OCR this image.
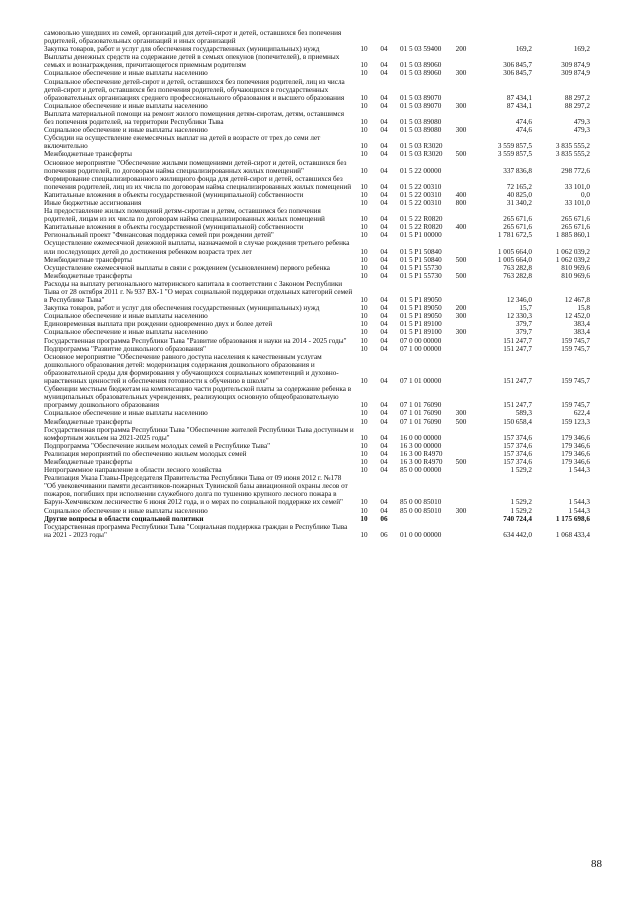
самовольно ушедших из семей, организаций для детей-сирот и детей, оставшихся без попечения родителей, образовательных организаций и иных организаций
Закупка товаров, работ и услуг для обеспечения государственных (муниципальных) нужд	10	04	01 5 03 59400	200	169,2	169,2
Выплаты денежных средств на содержание детей в семьях опекунов (попечителей), в приемных семьях и вознаграждения, причитающегося приемным родителям	10	04	01 5 03 89060	306 845,7	309 874,9
Социальное обеспечение и иные выплаты населению	10	04	01 5 03 89060	300	306 845,7	309 874,9
Социальное обеспечение детей-сирот и детей, оставшихся без попечения родителей, лиц из числа детей-сирот и детей, оставшихся без попечения родителей, обучающихся в государственных образовательных организациях среднего профессионального образования и высшего образования	10	04	01 5 03 89070	87 434,1	88 297,2
Социальное обеспечение и иные выплаты населению	10	04	01 5 03 89070	300	87 434,1	88 297,2
Выплата материальной помощи на ремонт жилого помещения детям-сиротам, детям, оставшимся без попечения родителей, на территории Республики Тыва	10	04	01 5 03 89080	474,6	479,3
Социальное обеспечение и иные выплаты населению	10	04	01 5 03 89080	300	474,6	479,3
Субсидии на осуществление ежемесячных выплат на детей в возрасте от трех до семи лет включительно	10	04	01 5 03 R3020	3 559 857,5	3 835 555,2
Межбюджетные трансферты	10	04	01 5 03 R3020	500	3 559 857,5	3 835 555,2
Основное мероприятие "Обеспечение жилыми помещениями детей-сирот и детей, оставшихся без попечения родителей, по договорам найма специализированных жилых помещений"	10	04	01 5 22 00000	337 836,8	298 772,6
Формирование специализированного жилищного фонда для детей-сирот и детей, оставшихся без попечения родителей, лиц из их числа по договорам найма специализированных жилых помещений	10	04	01 5 22 00310	72 165,2	33 101,0
Капитальные вложения в объекты государственной (муниципальной) собственности	10	04	01 5 22 00310	400	40 825,0	0,0
Иные бюджетные ассигнования	10	04	01 5 22 00310	800	31 340,2	33 101,0
На предоставление жилых помещений детям-сиротам и детям, оставшимся без попечения родителей, лицам из их числа по договорам найма специализированных жилых помещений	10	04	01 5 22 R0820	265 671,6	265 671,6
Капитальные вложения в объекты государственной (муниципальной) собственности	10	04	01 5 22 R0820	400	265 671,6	265 671,6
Региональный проект "Финансовая поддержка семей при рождении детей"	10	04	01 5 P1 00000	1 781 672,5	1 885 860,1
Осуществление ежемесячной денежной выплаты, назначаемой в случае рождения третьего ребенка или последующих детей до достижения ребенком возраста трех лет	10	04	01 5 P1 50840	1 005 664,0	1 062 039,2
Межбюджетные трансферты	10	04	01 5 P1 50840	500	1 005 664,0	1 062 039,2
Осуществление ежемесячной выплаты в связи с рождением (усыновлением) первого ребенка	10	04	01 5 P1 55730	763 282,8	810 969,6
Межбюджетные трансферты	10	04	01 5 P1 55730	500	763 282,8	810 969,6
Расходы на выплату регионального материнского капитала в соответствии с Законом Республики Тыва от 28 октября 2011 г. № 937 ВХ-1 "О мерах социальной поддержки отдельных категорий семей в Республике Тыва"	10	04	01 5 P1 89050	12 346,0	12 467,8
Закупка товаров, работ и услуг для обеспечения государственных (муниципальных) нужд	10	04	01 5 P1 89050	200	15,7	15,8
Социальное обеспечение и иные выплаты населению	10	04	01 5 P1 89050	300	12 330,3	12 452,0
Единовременная выплата при рождении одновременно двух и более детей	10	04	01 5 P1 89100	379,7	383,4
Социальное обеспечение и иные выплаты населению	10	04	01 5 P1 89100	300	379,7	383,4
Государственная программа Республики Тыва "Развитие образования и науки на 2014 - 2025 годы"	10	04	07 0 00 00000	151 247,7	159 745,7
Подпрограмма "Развитие дошкольного образования"	10	04	07 1 00 00000	151 247,7	159 745,7
Основное мероприятие "Обеспечение равного доступа населения к качественным услугам дошкольного образования детей: модернизация содержания дошкольного образования и образовательной среды для формирования у обучающихся социальных компетенций и духовно-нравственных ценностей и обеспечения готовности к обучению в школе"	10	04	07 1 01 00000	151 247,7	159 745,7
Субвенции местным бюджетам на компенсацию части родительской платы за содержание ребенка в муниципальных образовательных учреждениях, реализующих основную общеобразовательную программу дошкольного образования	10	04	07 1 01 76090	151 247,7	159 745,7
Социальное обеспечение и иные выплаты населению	10	04	07 1 01 76090	300	589,3	622,4
Межбюджетные трансферты	10	04	07 1 01 76090	500	150 658,4	159 123,3
Государственная программа Республики Тыва "Обеспечение жителей Республики Тыва доступным и комфортным жильем на 2021-2025 годы"	10	04	16 0 00 00000	157 374,6	179 346,6
Подпрограмма "Обеспечение жильем молодых семей в Республике Тыва"	10	04	16 3 00 00000	157 374,6	179 346,6
Реализация мероприятий по обеспечению жильем молодых семей	10	04	16 3 00 R4970	157 374,6	179 346,6
Межбюджетные трансферты	10	04	16 3 00 R4970	500	157 374,6	179 346,6
Непрограммное направление в области лесного хозяйства	10	04	85 0 00 00000	1 529,2	1 544,3
Реализация Указа Главы-Председателя Правительства Республики Тыва от 09 июня 2012 г. №178 "Об увековечивании памяти десантников-пожарных Тувинской базы авиационной охраны лесов от пожаров, погибших при исполнении служебного долга по тушению крупного лесного пожара в Барун-Хемчикском лесничестве 6 июня 2012 года, и о мерах по социальной поддержке их семей"	10	04	85 0 00 85010	1 529,2	1 544,3
Социальное обеспечение и иные выплаты населению	10	04	85 0 00 85010	300	1 529,2	1 544,3
Другие вопросы в области социальной политики	10	06	740 724,4	1 175 698,6
Государственная программа Республики Тыва "Социальная поддержка граждан в Республике Тыва на 2021 - 2023 годы"	10	06	01 0 00 00000	634 442,0	1 068 433,4
88
